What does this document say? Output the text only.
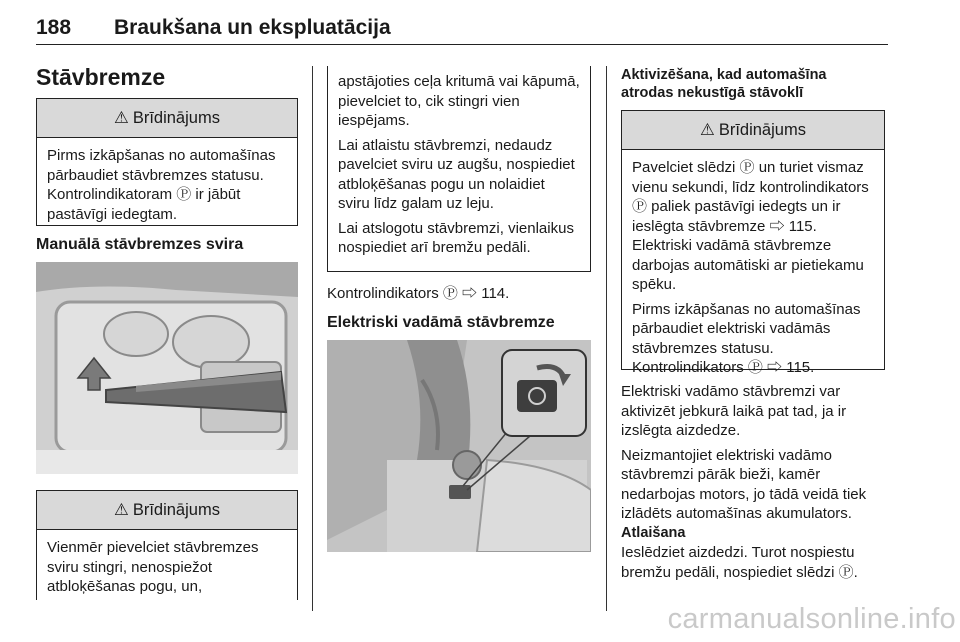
188 Braukšana un ekspluatācija
Stāvbremze
⚠ Brīdinājums

Pirms izkāpšanas no automašīnas pārbaudiet stāvbremzes statusu. Kontrolindikatoram Ⓟ ir jābūt pastāvīgi iedegtam.

Manuālā stāvbremzes svira
⚠ Brīdinājums

Vienmēr pievelciet stāvbremzes sviru stingri, nenospiežot atbloķēšanas pogu, un,

apstājoties ceļa kritumā vai kāpumā, pievelciet to, cik stingri vien iespējams.

Lai atlaistu stāvbremzi, nedaudz pavelciet sviru uz augšu, nospiediet atbloķēšanas pogu un nolaidiet sviru līdz galam uz leju.

Lai atslogotu stāvbremzi, vienlaikus nospiediet arī bremžu pedāli.

Kontrolindikators Ⓟ ⇨ 114.
Elektriski vadāmā stāvbremze
Aktivizēšana, kad automašīna
atrodas nekustīgā stāvoklī
⚠ Brīdinājums

Pavelciet slēdzi Ⓟ un turiet vismaz vienu sekundi, līdz kontrolindikators Ⓟ paliek pastāvīgi iedegts un ir ieslēgta stāvbremze ⇨ 115. Elektriski vadāmā stāvbremze darbojas automātiski ar pietiekamu spēku.

Pirms izkāpšanas no automašīnas pārbaudiet elektriski vadāmās stāvbremzes statusu. Kontrolindikators Ⓟ ⇨ 115.

Elektriski vadāmo stāvbremzi var aktivizēt jebkurā laikā pat tad, ja ir izslēgta aizdedze.

Neizmantojiet elektriski vadāmo stāvbremzi pārāk bieži, kamēr nedarbojas motors, jo tādā veidā tiek izlādēts automašīnas akumulators.

Atlaišana
Ieslēdziet aizdedzi. Turot nospiestu bremžu pedāli, nospiediet slēdzi Ⓟ.
carmanualsonline.info
